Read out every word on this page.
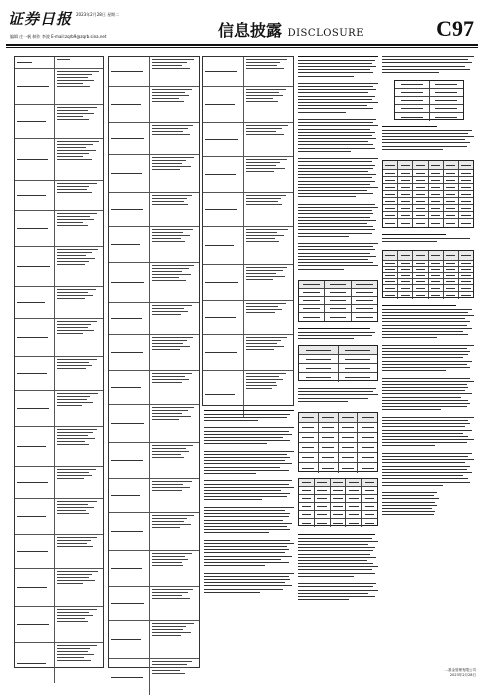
证券日报 2023年2月28日 星期二
编辑 庄一帆 制作 李波 E-mail:zqrb9@zqrb.sina.net	信息披露 DISCLOSURE	C97
…基金管理有限公司
2023年2月28日
